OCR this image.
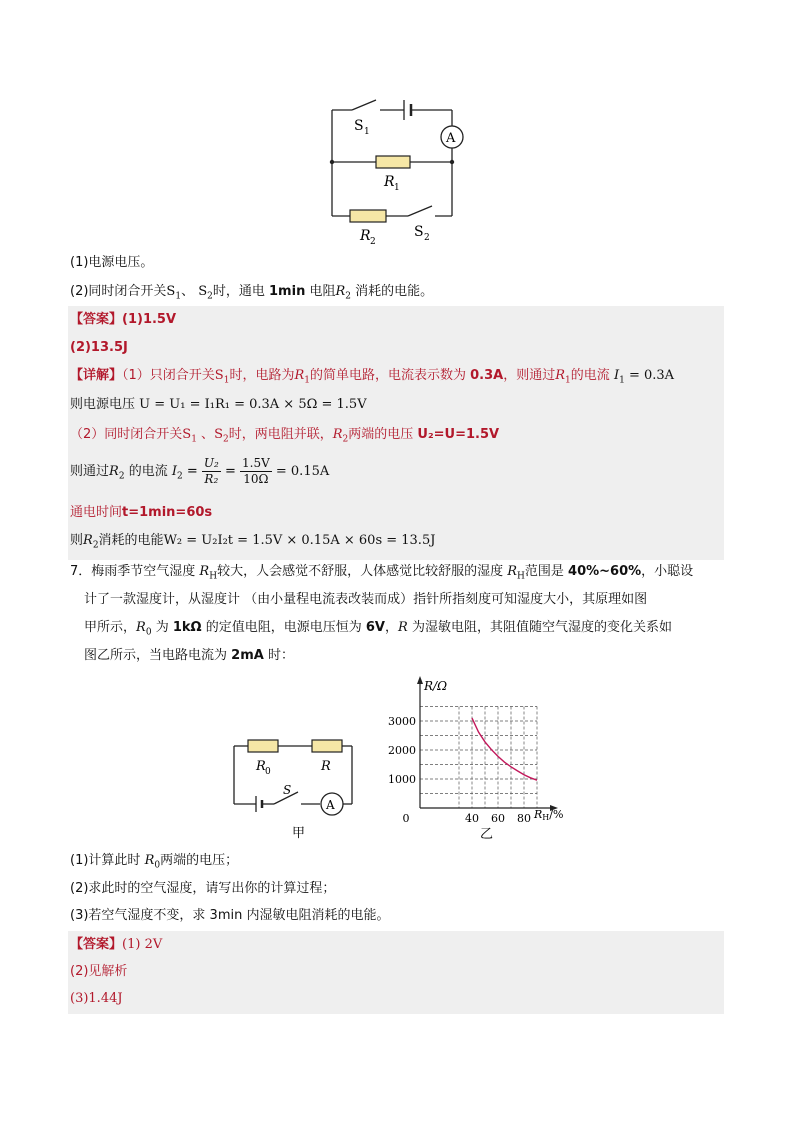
A
S 1
R 1
R 2
S 2
(1)电源电压。
(2)同时闭合开关$S_1$、 $S_2$时，通电 1min 电阻$R_2$ 消耗的电能。
【答案】(1)1.5V
(2)13.5J
【详解】（1）只闭合开关$S_1$时，电路为$R_1$的简单电路，电流表示数为 0.3A，则通过$R_1$的电流 $I_1 = 0.3A$
则电源电压 U = U₁ = I₁R₁ = 0.3A × 5Ω = 1.5V
（2）同时闭合开关$S_1$ 、$S_2$时，两电阻并联，$R_2$两端的电压 U₂=U=1.5V
则通过$R_2$ 的电流 $I_2 = \frac{\text{U₂}}{\text{R₂}} = \frac{1.5V}{10\Omega} = 0.15A$
通电时间t=1min=60s
则$R_2$消耗的电能W₂ = U₂I₂t = 1.5V × 0.15A × 60s = 13.5J
7．梅雨季节空气湿度 $R_H$较大，人会感觉不舒服，人体感觉比较舒服的湿度 $R_H$范围是 40%~60%，小聪设
计了一款湿度计，从湿度计 （由小量程电流表改装而成）指针所指刻度可知湿度大小，其原理如图
甲所示，$R_0$ 为 1kΩ 的定值电阻，电源电压恒为 6V，R 为湿敏电阻，其阻值随空气湿度的变化关系如
图乙所示，当电路电流为 2mA 时：
A
R 0	R
S
甲
1000
2000
3000
0	40 60 80
R/Ω
RH/%
乙
(1)计算此时 $R_0$两端的电压；
(2)求此时的空气湿度，请写出你的计算过程；
(3)若空气湿度不变，求 3min 内湿敏电阻消耗的电能。
【答案】(1) 2V
(2)见解析
(3)1.44J
